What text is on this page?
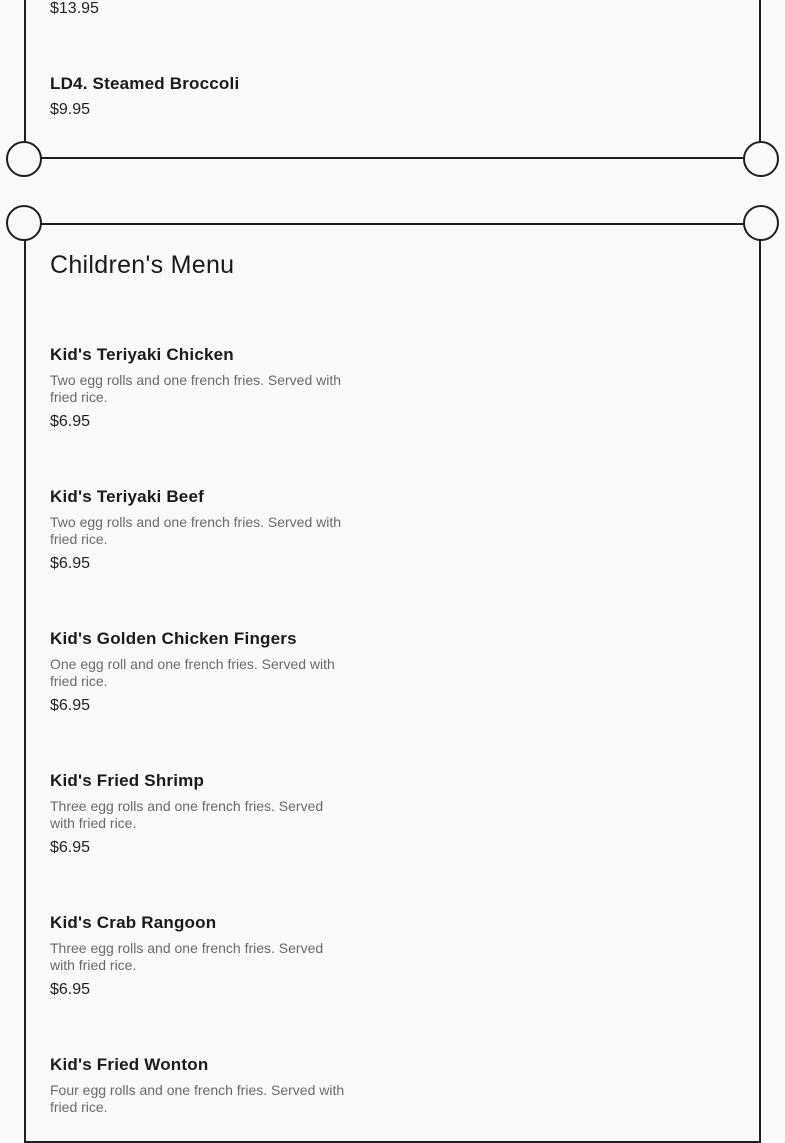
$13.95

LD4. Steamed Broccoli

$9.95

Children's Menu

Kid's Teriyaki Chicken

Two egg rolls and one french fries. Served with fried rice.

$6.95

Kid's Teriyaki Beef

Two egg rolls and one french fries. Served with fried rice.

$6.95

Kid's Golden Chicken Fingers

One egg roll and one french fries. Served with fried rice.

$6.95

Kid's Fried Shrimp

Three egg rolls and one french fries. Served with fried rice.

$6.95

Kid's Crab Rangoon

Three egg rolls and one french fries. Served with fried rice.

$6.95

Kid's Fried Wonton

Four egg rolls and one french fries. Served with fried rice.
